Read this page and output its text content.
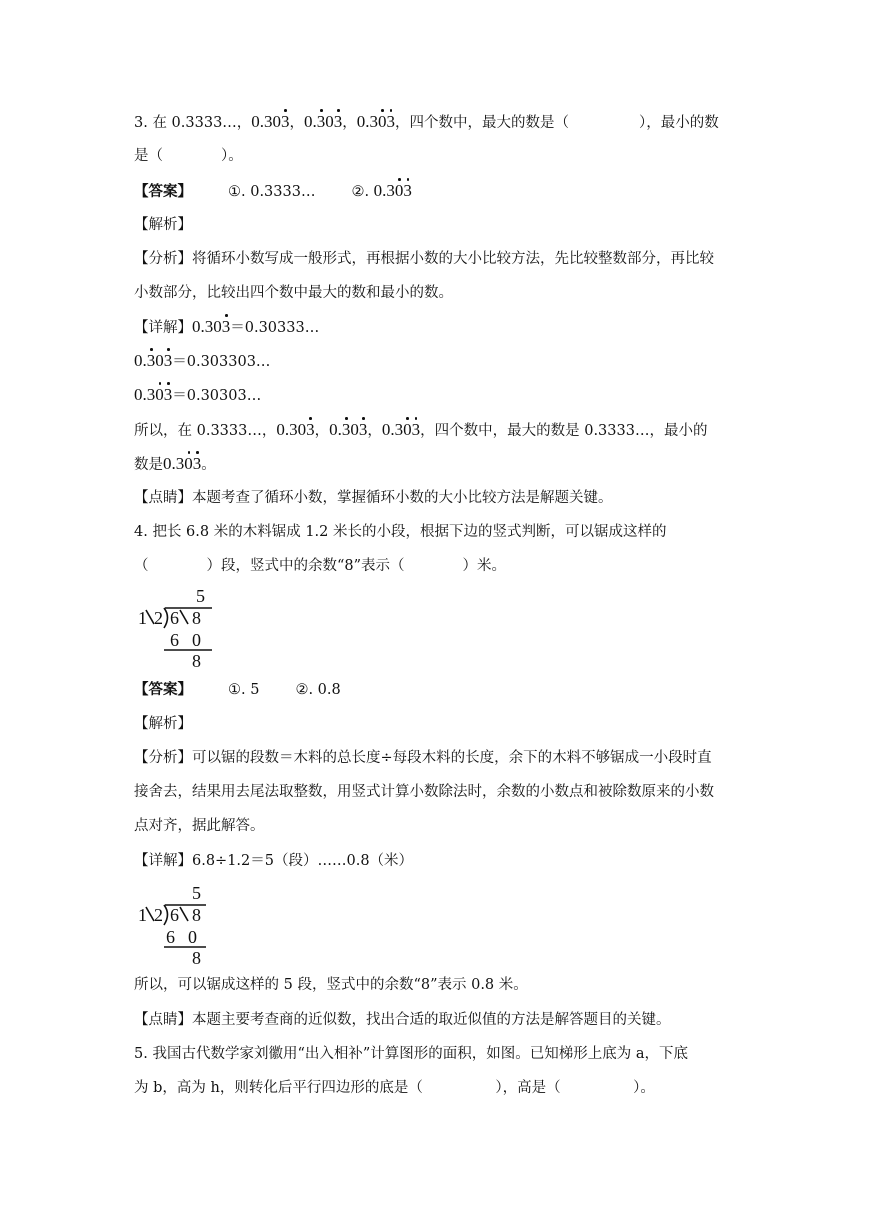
3. 在 0.3333…，0.303，0.303，0.303，四个数中，最大的数是（	），最小的数
是（　　　　）。
【答案】 ①. 0.3333… ②. 0.303
【解析】
【分析】将循环小数写成一般形式，再根据小数的大小比较方法，先比较整数部分，再比较
小数部分，比较出四个数中最大的数和最小的数。
【详解】0.303＝0.30333…
0.303＝0.303303…
0.303＝0.30303…
所以，在 0.3333…，0.303，0.303，0.303，四个数中，最大的数是 0.3333…，最小的
数是0.303。
【点睛】本题考查了循环小数，掌握循环小数的大小比较方法是解题关键。
4. 把长 6.8 米的木料锯成 1.2 米长的小段，根据下边的竖式判断，可以锯成这样的
（　　　　）段，竖式中的余数“8”表示（　　　　）米。
5
1 2 6 8
6 0
8
【答案】 ①. 5 ②. 0.8
【解析】
【分析】可以锯的段数＝木料的总长度÷每段木料的长度，余下的木料不够锯成一小段时直
接舍去，结果用去尾法取整数，用竖式计算小数除法时，余数的小数点和被除数原来的小数
点对齐，据此解答。
【详解】6.8÷1.2＝5（段）……0.8（米）
5
1 2 6 8
6 0
8
所以，可以锯成这样的 5 段，竖式中的余数“8”表示 0.8 米。
【点睛】本题主要考查商的近似数，找出合适的取近似值的方法是解答题目的关键。
5. 我国古代数学家刘徽用“出入相补”计算图形的面积，如图。已知梯形上底为 a，下底
为 b，高为 h，则转化后平行四边形的底是（　　　　　），高是（　　　　　）。
